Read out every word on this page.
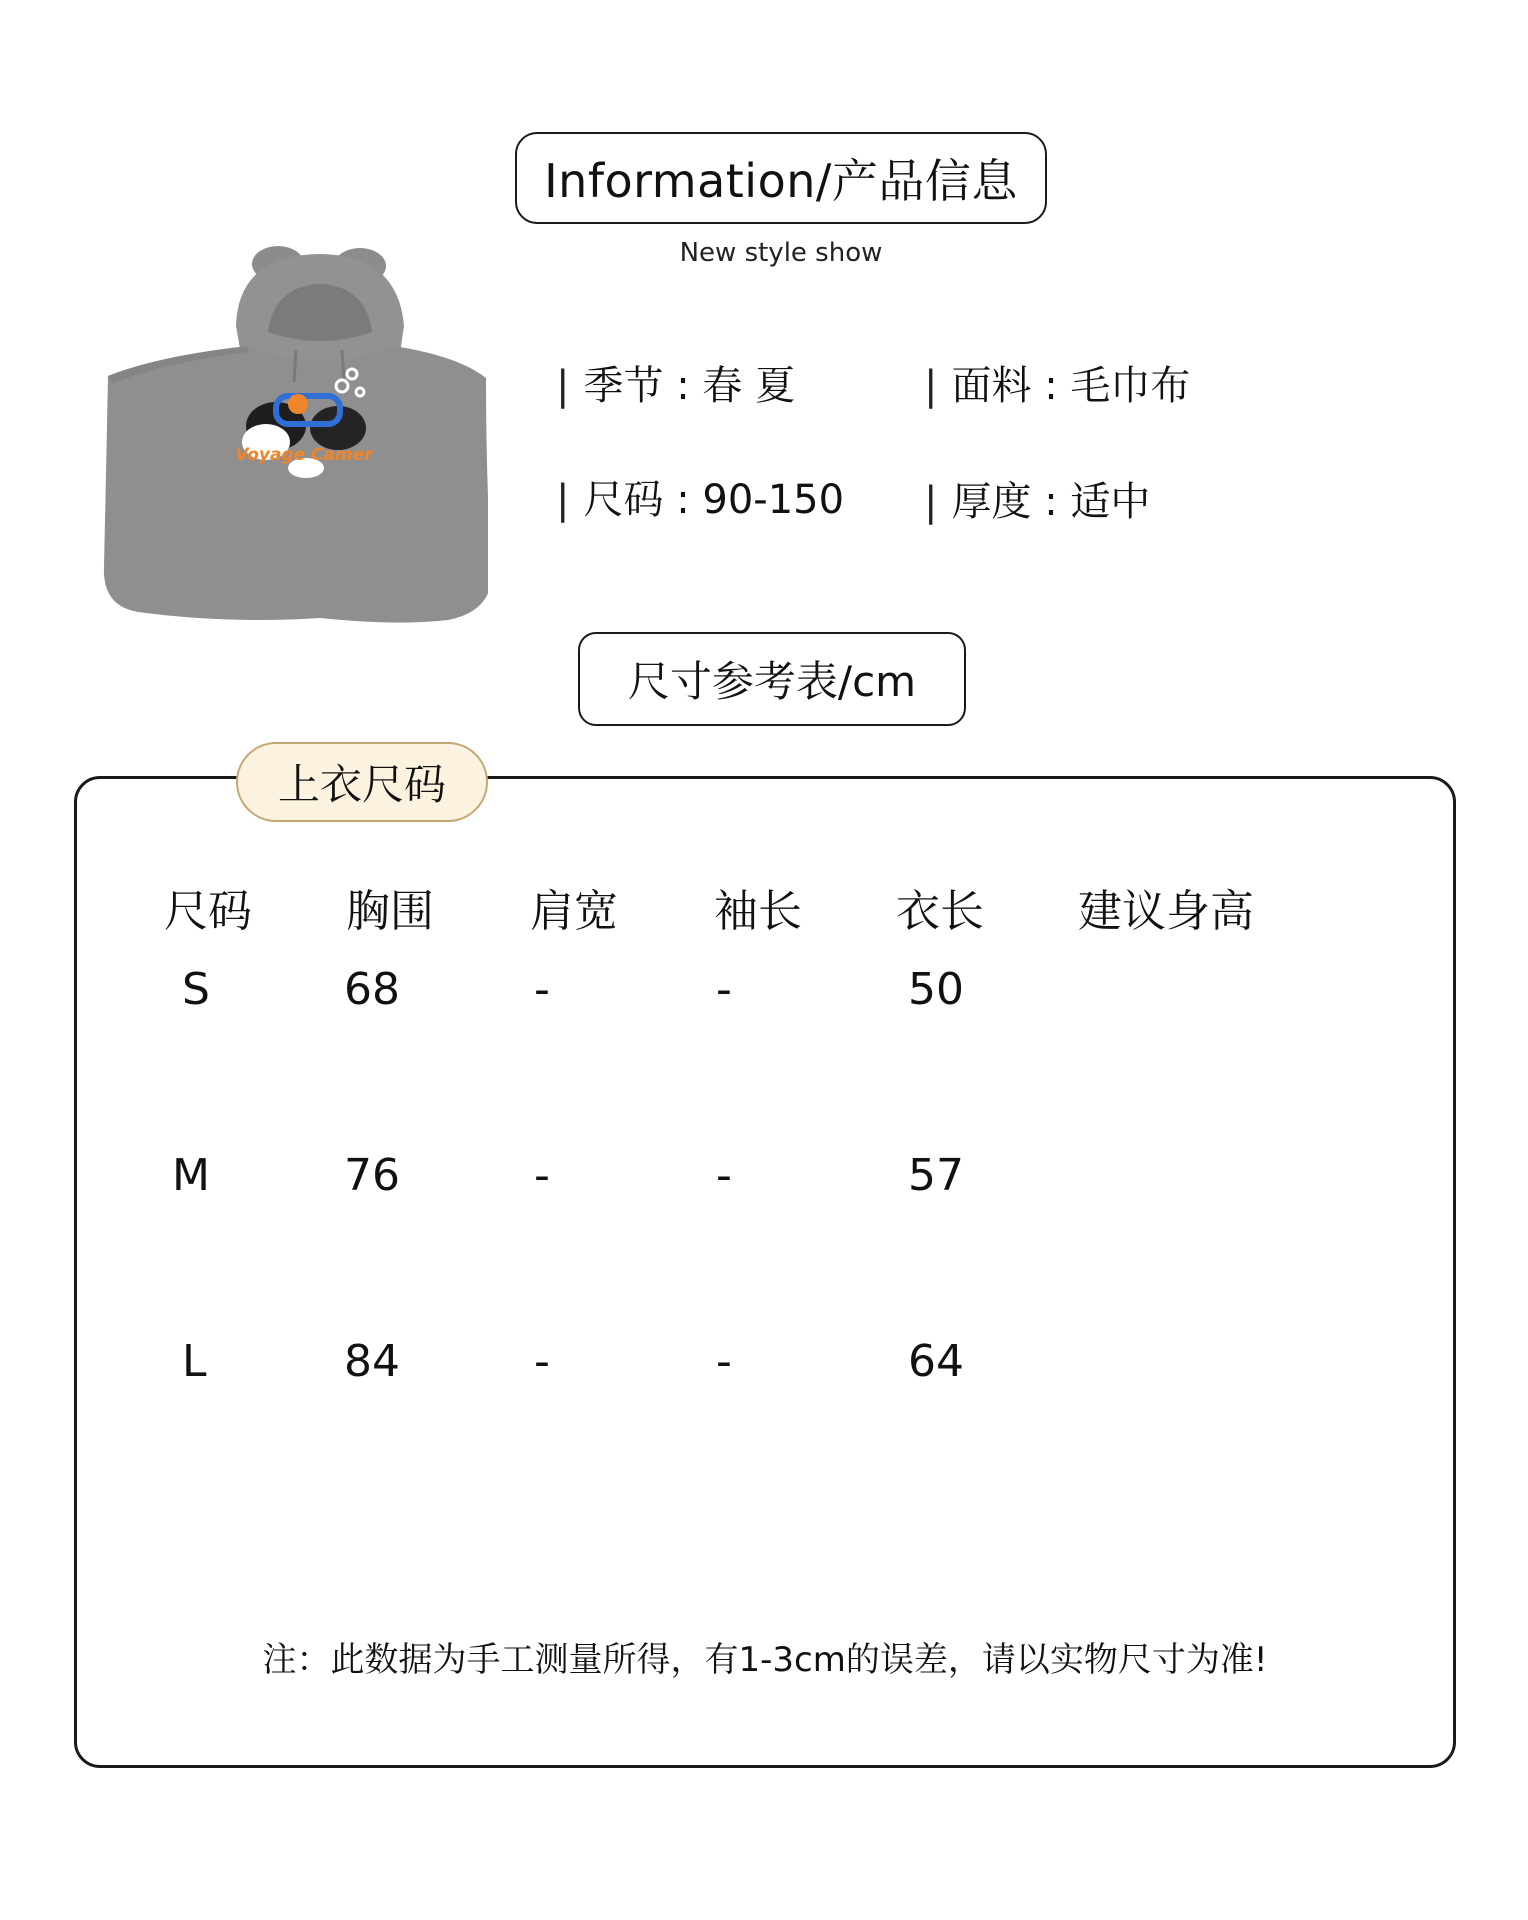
Information/产品信息
New style show
Voyage Camer
| 季节 : 春 夏	| 面料 : 毛巾布
| 尺码 : 90-150 | 厚度 : 适中
尺寸参考表/cm
上衣尺码
尺码 胸围 肩宽 袖长 衣长 建议身高
S	68	-	-	50
M	76	-	-	57
L	84	-	-	64
注：此数据为手工测量所得，有1-3cm的误差，请以实物尺寸为准!
